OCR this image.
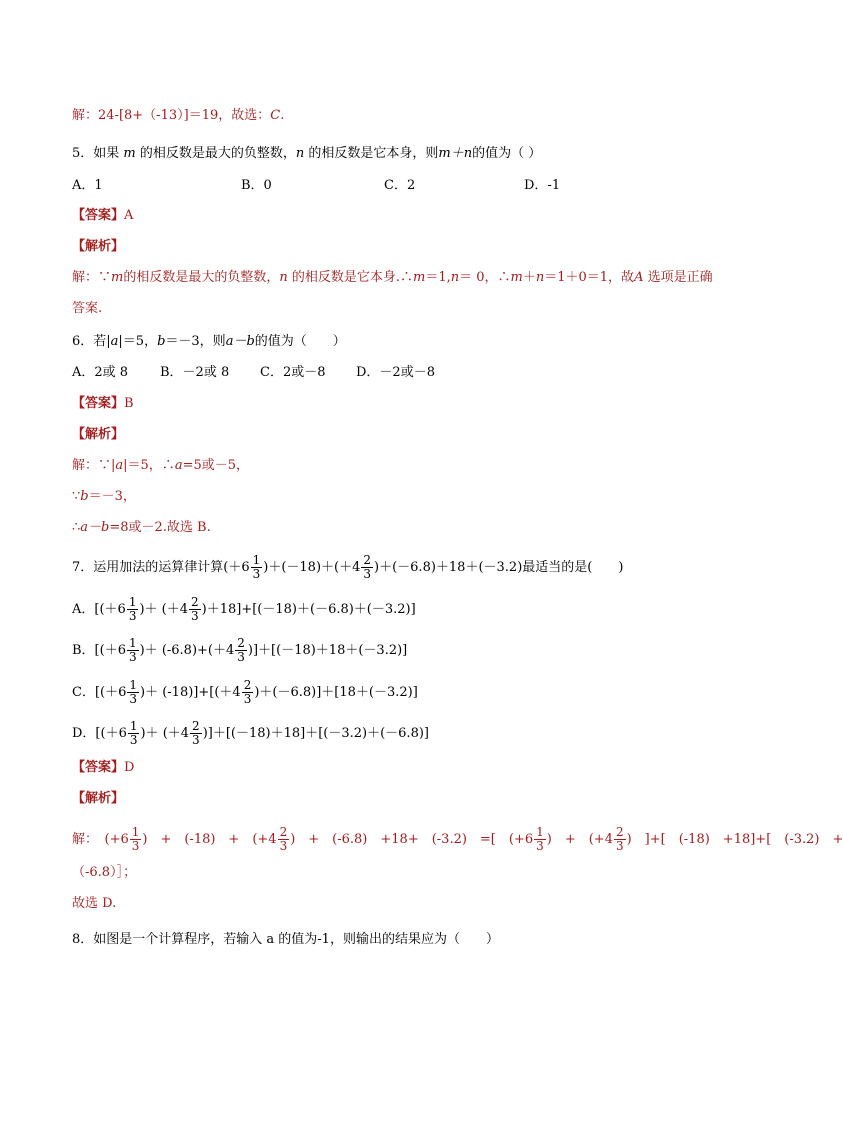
解：24-[8+（-13）]＝19，故选：C.
5．如果 m 的相反数是最大的负整数，n 的相反数是它本身，则m＋n的值为（ ）
A．1	B．0	C．2	D．-1
【答案】A
【解析】
解：∵m的相反数是最大的负整数，n 的相反数是它本身.∴m＝1,n＝ 0，∴m＋n＝1＋0＝1，故A 选项是正确
答案.
6．若|a|＝5，b＝－3，则a－b的值为（　　）
A．2或 8 B．－2或 8 C．2或－8 D．－2或－8
【答案】B
【解析】
解：∵|a|＝5，∴a=5或－5，
∵b＝－3，
∴a－b=8或－2.故选 B.
7．运用加法的运算律计算(＋6 1
3 )＋(－18)＋(＋4 2
3 )＋(－6.8)＋18＋(－3.2)最适当的是(　　)
A．[(＋6 1
3 )＋ (＋4 2
3 )＋18]+[(－18)＋(－6.8)＋(－3.2)]
B．[(＋6 1
3 )＋ (-6.8)+(＋4 2
3 )]＋[(－18)＋18＋(－3.2)]
C．[(＋6 1
3 )＋ (-18)]+[(＋4 2
3 )＋(－6.8)]＋[18＋(－3.2)]
D．[(＋6 1
3 )＋ (＋4 2
3 )]＋[(－18)＋18]＋[(－3.2)＋(－6.8)]
【答案】D
【解析】
解：　(+6 1
3 )　+　(-18)　+　(+4 2
3 )　+　(-6.8)　+18+　(-3.2)　=[　(+6 1
3 )　+　(+4 2
3 )　]+[　(-18)　+18]+[　(-3.2)　+
（-6.8）］；
故选 D.
8．如图是一个计算程序，若输入 a 的值为-1，则输出的结果应为（　　）
